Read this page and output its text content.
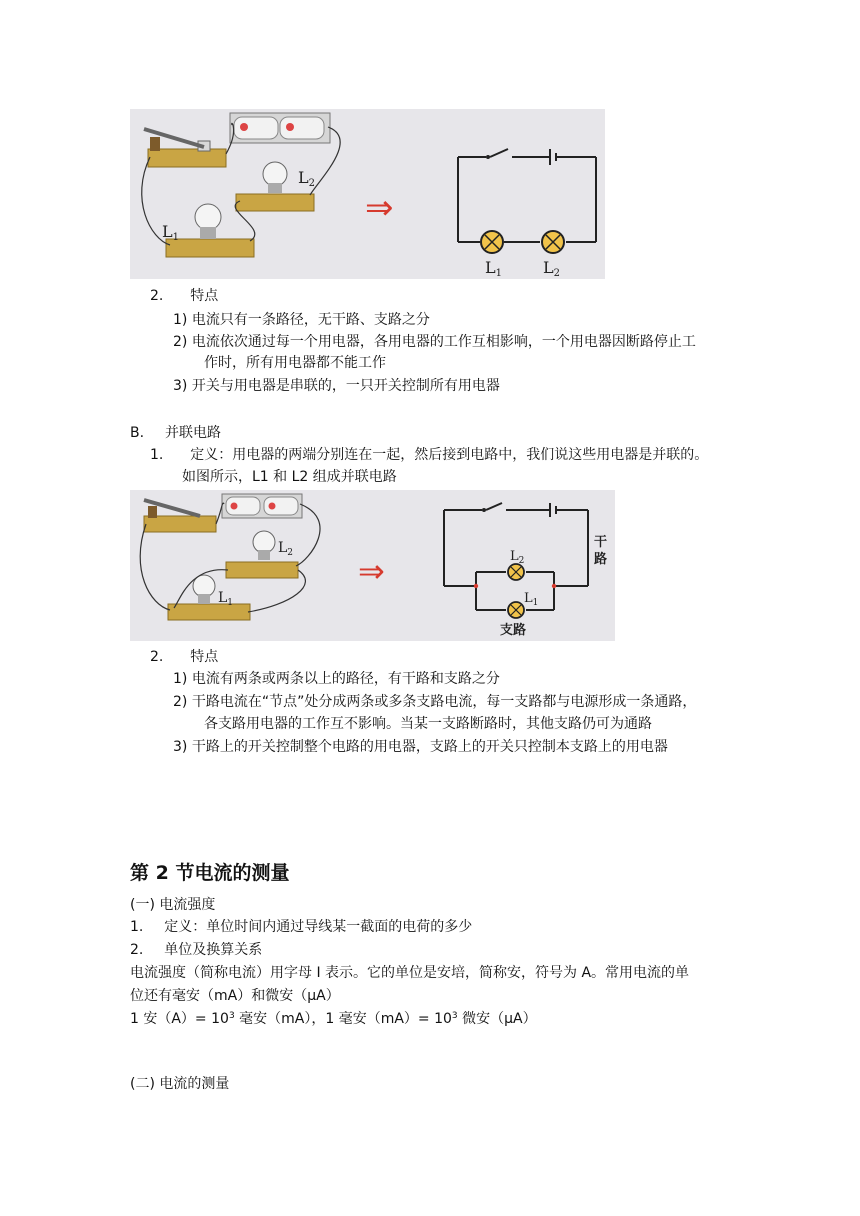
L1
L2
⇒
L1	L2
2. 特点
1) 电流只有一条路径，无干路、支路之分
2) 电流依次通过每一个用电器，各用电器的工作互相影响，一个用电器因断路停止工
作时，所有用电器都不能工作
3) 开关与用电器是串联的，一只开关控制所有用电器
B. 并联电路
1. 定义：用电器的两端分别连在一起，然后接到电路中，我们说这些用电器是并联的。
如图所示，L1 和 L2 组成并联电路
$L_2$
$L_1$
⇒	$L_2$
$L_1$
干
路
支路
2. 特点
1) 电流有两条或两条以上的路径，有干路和支路之分
2) 干路电流在“节点”处分成两条或多条支路电流，每一支路都与电源形成一条通路，
各支路用电器的工作互不影响。当某一支路断路时，其他支路仍可为通路
3) 干路上的开关控制整个电路的用电器，支路上的开关只控制本支路上的用电器
第 2 节电流的测量
(一) 电流强度
1. 定义：单位时间内通过导线某一截面的电荷的多少
2. 单位及换算关系
电流强度（简称电流）用字母 I 表示。它的单位是安培，简称安，符号为 A。常用电流的单
位还有毫安（mA）和微安（μA）
1 安$(A)= 10^3$ 毫安（mA），1 毫安$(mA)= 10^3$ 微安（μA）
(二) 电流的测量
